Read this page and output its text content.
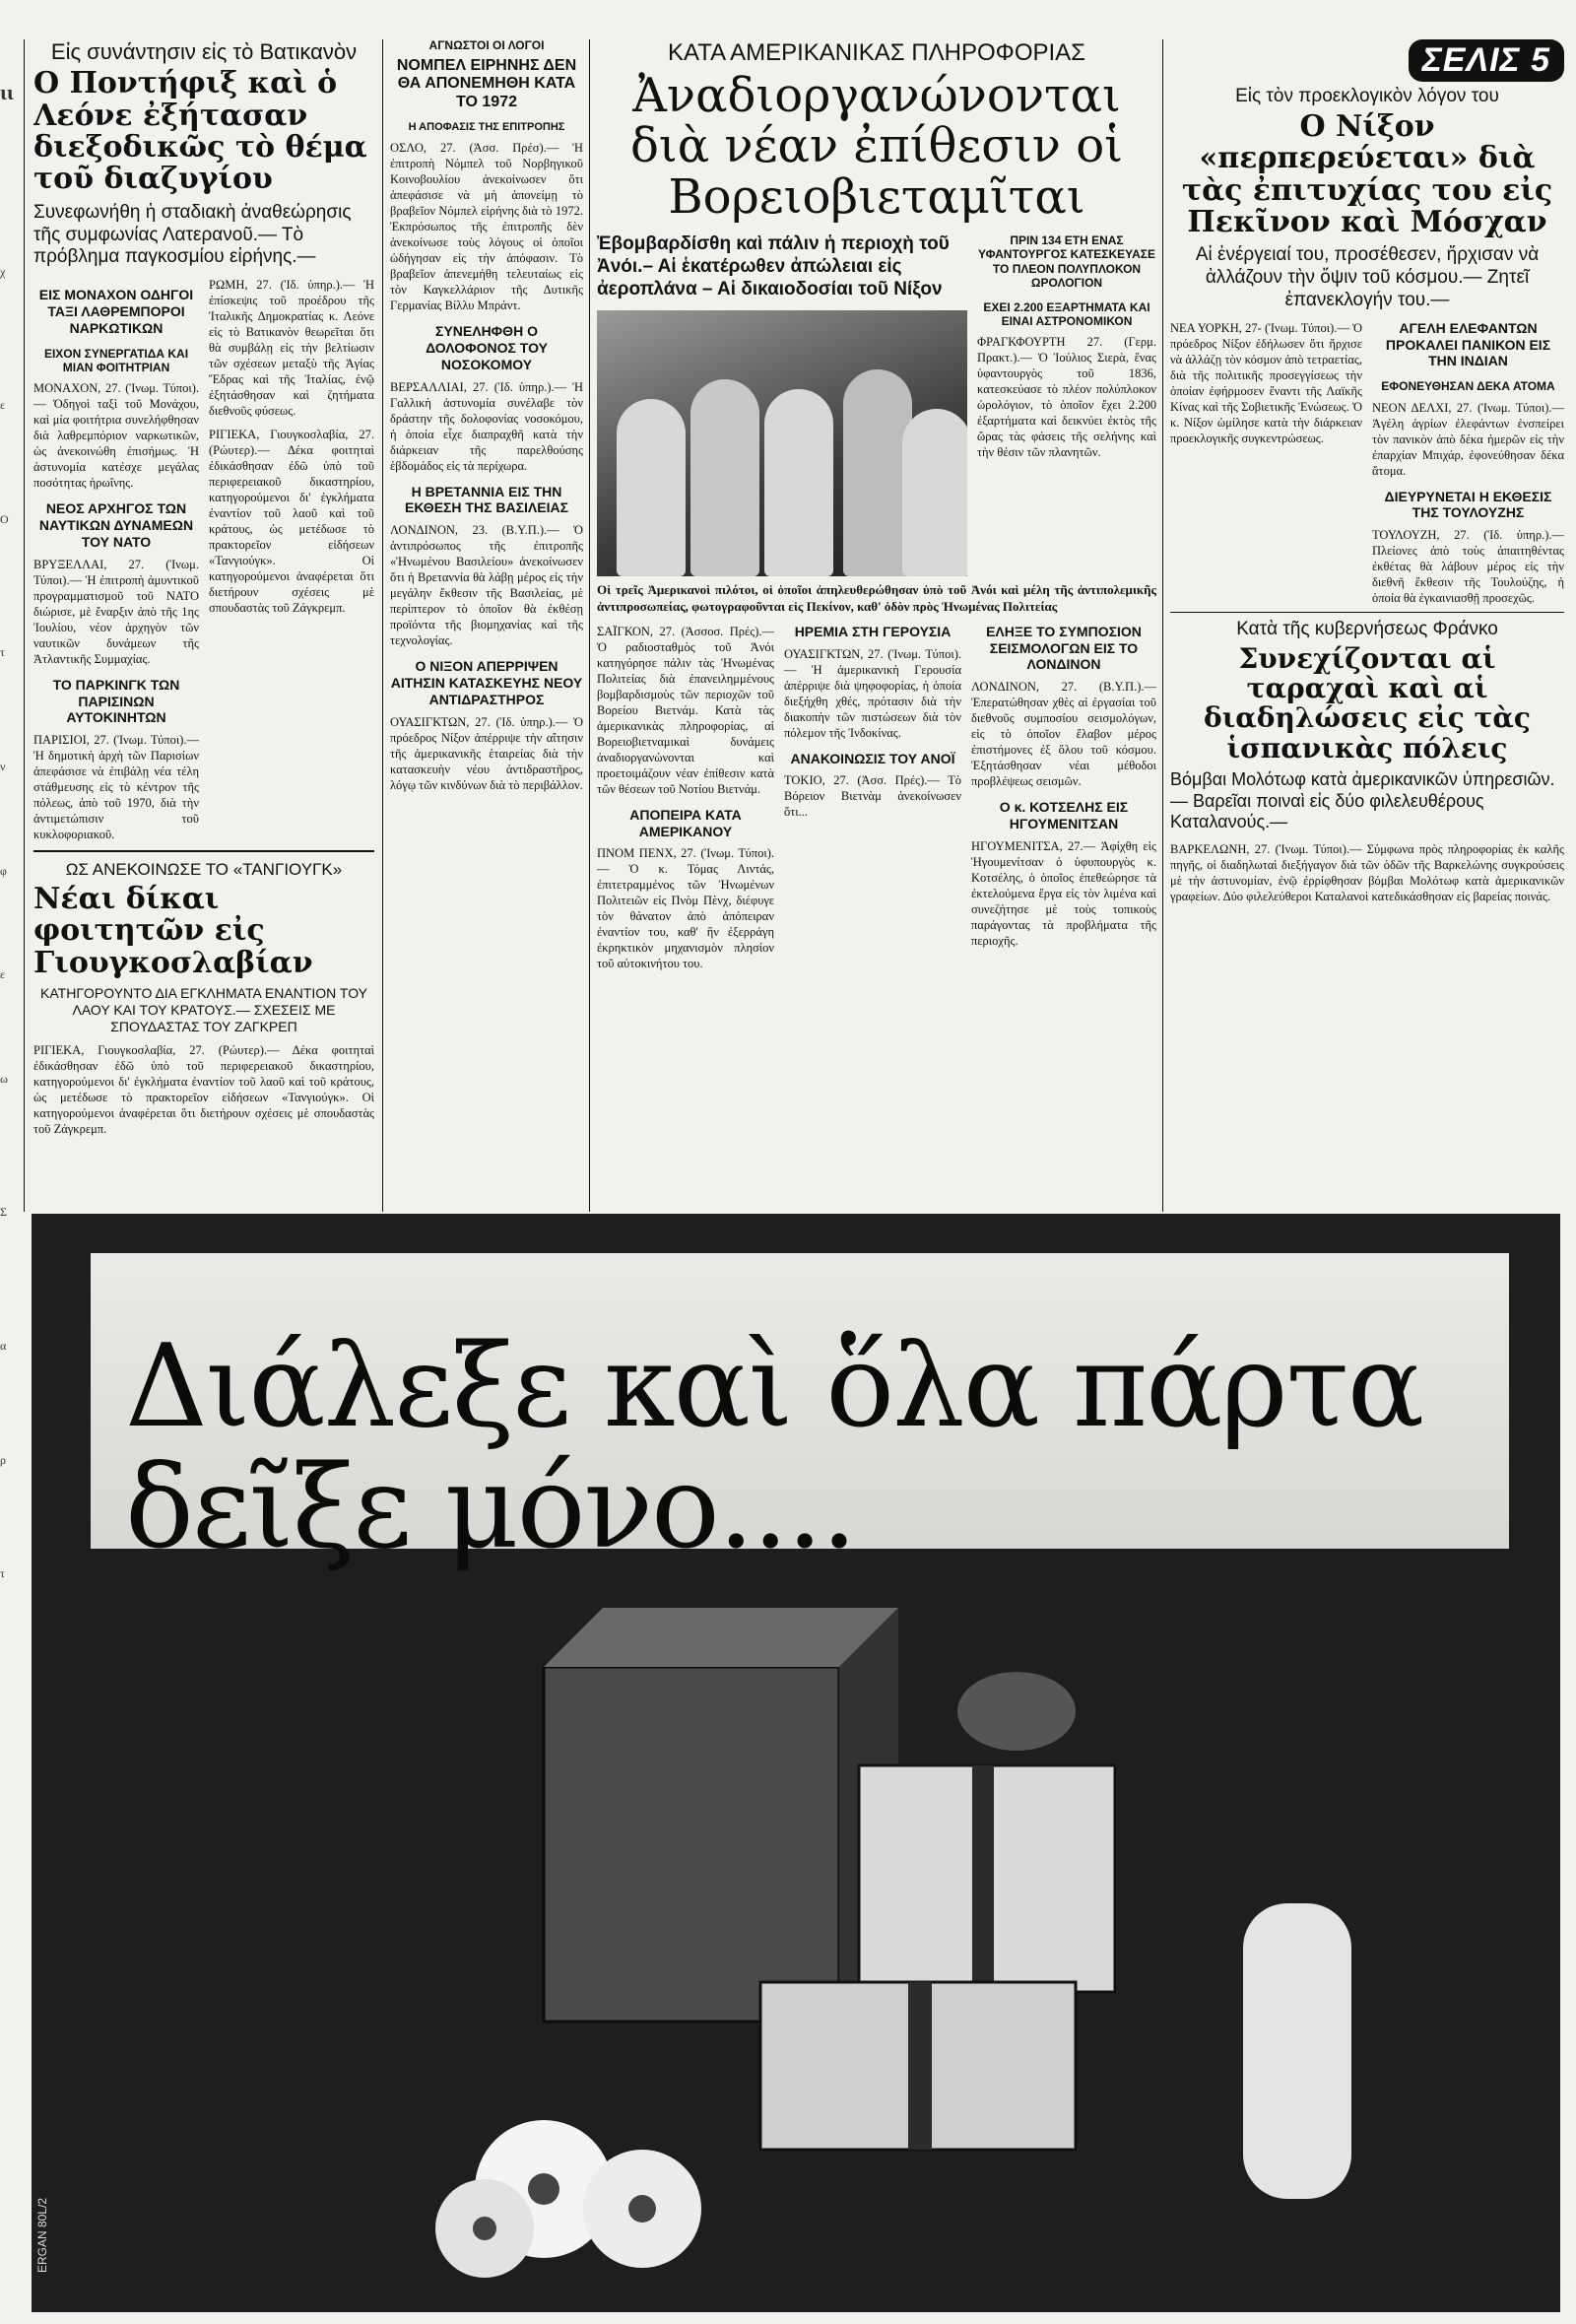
ιι
χ
ε
Ο
τ
ν
φ
ε
ω
Σ
α
ρ
τ
Εἰς συνάντησιν εἰς τὸ Βατικανὸν
Ο Ποντήφιξ καὶ ὁ Λεόνε ἐξήτασαν διεξοδικῶς τὸ θέμα τοῦ διαζυγίου
Συνεφωνήθη ἡ σταδιακὴ ἀναθεώρησις τῆς συμφωνίας Λατερανοῦ.— Τὸ πρόβλημα παγκοσμίου εἰρήνης.—
ΕΙΣ ΜΟΝΑΧΟΝ ΟΔΗΓΟΙ ΤΑΞΙ ΛΑΘΡΕΜΠΟΡΟΙ ΝΑΡΚΩΤΙΚΩΝ
ΕΙΧΟΝ ΣΥΝΕΡΓΑΤΙΔΑ ΚΑΙ ΜΙΑΝ ΦΟΙΤΗΤΡΙΑΝ

ΜΟΝΑΧΟΝ, 27. (Ἰνωμ. Τύποι).— Ὀδηγοὶ ταξὶ τοῦ Μονάχου, καὶ μία φοιτήτρια συνελήφθησαν διὰ λαθρεμπόριον ναρκωτικῶν, ὡς ἀνεκοινώθη ἐπισήμως. Ἡ ἀστυνομία κατέσχε μεγάλας ποσότητας ἡρωΐνης.

ΝΕΟΣ ΑΡΧΗΓΟΣ ΤΩΝ ΝΑΥΤΙΚΩΝ ΔΥΝΑΜΕΩΝ ΤΟΥ ΝΑΤΟ

ΒΡΥΞΕΛΛΑΙ, 27. (Ἰνωμ. Τύποι).— Ἡ ἐπιτροπὴ ἀμυντικοῦ προγραμματισμοῦ τοῦ ΝΑΤΟ διώρισε, μὲ ἔναρξιν ἀπὸ τῆς 1ης Ἰουλίου, νέον ἀρχηγὸν τῶν ναυτικῶν δυνάμεων τῆς Ἀτλαντικῆς Συμμαχίας.

ΤΟ ΠΑΡΚΙΝΓΚ ΤΩΝ ΠΑΡΙΣΙΝΩΝ ΑΥΤΟΚΙΝΗΤΩΝ

ΠΑΡΙΣΙΟΙ, 27. (Ἰνωμ. Τύποι).— Ἡ δημοτικὴ ἀρχὴ τῶν Παρισίων ἀπεφάσισε νὰ ἐπιβάλῃ νέα τέλη στάθμευσης εἰς τὸ κέντρον τῆς πόλεως, ἀπὸ τοῦ 1970, διὰ τὴν ἀντιμετώπισιν τοῦ κυκλοφοριακοῦ.

ΡΩΜΗ, 27. (Ἰδ. ὑπηρ.).— Ἡ ἐπίσκεψις τοῦ προέδρου τῆς Ἰταλικῆς Δημοκρατίας κ. Λεόνε εἰς τὸ Βατικανὸν θεωρεῖται ὅτι θὰ συμβάλῃ εἰς τὴν βελτίωσιν τῶν σχέσεων μεταξὺ τῆς Ἁγίας Ἕδρας καὶ τῆς Ἰταλίας, ἐνῷ ἐξητάσθησαν καὶ ζητήματα διεθνοῦς φύσεως.

ΡΙΓΙΕΚΑ, Γιουγκοσλαβία, 27. (Ρώυτερ).— Δέκα φοιτηταὶ ἐδικάσθησαν ἐδῶ ὑπὸ τοῦ περιφερειακοῦ δικαστηρίου, κατηγορούμενοι δι' ἐγκλήματα ἐναντίον τοῦ λαοῦ καὶ τοῦ κράτους, ὡς μετέδωσε τὸ πρακτορεῖον εἰδήσεων «Τανγιούγκ». Οἱ κατηγορούμενοι ἀναφέρεται ὅτι διετήρουν σχέσεις μὲ σπουδαστὰς τοῦ Ζάγκρεμπ.

ΩΣ ΑΝΕΚΟΙΝΩΣΕ ΤΟ «ΤΑΝΓΙΟΥΓΚ»
Νέαι δίκαι φοιτητῶν εἰς Γιουγκοσλαβίαν
ΚΑΤΗΓΟΡΟΥΝΤΟ ΔΙΑ ΕΓΚΛΗΜΑΤΑ ΕΝΑΝΤΙΟΝ ΤΟΥ ΛΑΟΥ ΚΑΙ ΤΟΥ ΚΡΑΤΟΥΣ.— ΣΧΕΣΕΙΣ ΜΕ ΣΠΟΥΔΑΣΤΑΣ ΤΟΥ ΖΑΓΚΡΕΠ

ΡΙΓΙΕΚΑ, Γιουγκοσλαβία, 27. (Ρώυτερ).— Δέκα φοιτηταὶ ἐδικάσθησαν ἐδῶ ὑπὸ τοῦ περιφερειακοῦ δικαστηρίου, κατηγορούμενοι δι' ἐγκλήματα ἐναντίον τοῦ λαοῦ καὶ τοῦ κράτους, ὡς μετέδωσε τὸ πρακτορεῖον εἰδήσεων «Τανγιούγκ». Οἱ κατηγορούμενοι ἀναφέρεται ὅτι διετήρουν σχέσεις μὲ σπουδαστὰς τοῦ Ζάγκρεμπ.

ΑΓΝΩΣΤΟΙ ΟΙ ΛΟΓΟΙ
ΝΟΜΠΕΛ ΕΙΡΗΝΗΣ ΔΕΝ ΘΑ ΑΠΟΝΕΜΗΘΗ ΚΑΤΑ ΤΟ 1972
Η ΑΠΟΦΑΣΙΣ ΤΗΣ ΕΠΙΤΡΟΠΗΣ

ΟΣΛΟ, 27. (Ἀσσ. Πρέσ).— Ἡ ἐπιτροπὴ Νόμπελ τοῦ Νορβηγικοῦ Κοινοβουλίου ἀνεκοίνωσεν ὅτι ἀπεφάσισε νὰ μὴ ἀπονείμῃ τὸ βραβεῖον Νόμπελ εἰρήνης διὰ τὸ 1972. Ἐκπρόσωπος τῆς ἐπιτροπῆς δὲν ἀνεκοίνωσε τοὺς λόγους οἱ ὁποῖοι ὡδήγησαν εἰς τὴν ἀπόφασιν. Τὸ βραβεῖον ἀπενεμήθη τελευταίως εἰς τὸν Καγκελλάριον τῆς Δυτικῆς Γερμανίας Βίλλυ Μπράντ.

ΣΥΝΕΛΗΦΘΗ Ο ΔΟΛΟΦΟΝΟΣ ΤΟΥ ΝΟΣΟΚΟΜΟΥ

ΒΕΡΣΑΛΛΙΑΙ, 27. (Ἰδ. ὑπηρ.).— Ἡ Γαλλικὴ ἀστυνομία συνέλαβε τὸν δράστην τῆς δολοφονίας νοσοκόμου, ἡ ὁποία εἶχε διαπραχθῆ κατὰ τὴν διάρκειαν τῆς παρελθούσης ἑβδομάδος εἰς τὰ περίχωρα.

Η ΒΡΕΤΑΝΝΙΑ ΕΙΣ ΤΗΝ ΕΚΘΕΣΗ ΤΗΣ ΒΑΣΙΛΕΙΑΣ

ΛΟΝΔΙΝΟΝ, 23. (Β.Υ.Π.).— Ὁ ἀντιπρόσωπος τῆς ἐπιτροπῆς «Ἡνωμένου Βασιλείου» ἀνεκοίνωσεν ὅτι ἡ Βρεταννία θὰ λάβῃ μέρος εἰς τὴν μεγάλην ἔκθεσιν τῆς Βασιλείας, μὲ περίπτερον τὸ ὁποῖον θὰ ἐκθέσῃ προϊόντα τῆς βιομηχανίας καὶ τῆς τεχνολογίας.

Ο ΝΙΞΟΝ ΑΠΕΡΡΙΨΕΝ ΑΙΤΗΣΙΝ ΚΑΤΑΣΚΕΥΗΣ ΝΕΟΥ ΑΝΤΙΔΡΑΣΤΗΡΟΣ

ΟΥΑΣΙΓΚΤΩΝ, 27. (Ἰδ. ὑπηρ.).— Ὁ πρόεδρος Νίξον ἀπέρριψε τὴν αἴτησιν τῆς ἀμερικανικῆς ἑταιρείας διὰ τὴν κατασκευὴν νέου ἀντιδραστῆρος, λόγῳ τῶν κινδύνων διὰ τὸ περιβάλλον.

ΚΑΤΑ ΑΜΕΡΙΚΑΝΙΚΑΣ ΠΛΗΡΟΦΟΡΙΑΣ
Ἀναδιοργανώνονται διὰ νέαν ἐπίθεσιν οἱ Βορειοβιεταμῖται
Ἐβομβαρδίσθη καὶ πάλιν ἡ περιοχὴ τοῦ Ἀνόι.– Αἱ ἑκατέρωθεν ἀπώλειαι εἰς ἀεροπλάνα – Αἱ δικαιοδοσίαι τοῦ Νίξον
ΠΡΙΝ 134 ΕΤΗ ΕΝΑΣ ΥΦΑΝΤΟΥΡΓΟΣ ΚΑΤΕΣΚΕΥΑΣΕ ΤΟ ΠΛΕΟΝ ΠΟΛΥΠΛΟΚΟΝ ΩΡΟΛΟΓΙΟΝ
ΕΧΕΙ 2.200 ΕΞΑΡΤΗΜΑΤΑ ΚΑΙ ΕΙΝΑΙ ΑΣΤΡΟΝΟΜΙΚΟΝ

ΦΡΑΓΚΦΟΥΡΤΗ 27. (Γερμ. Πρακτ.).— Ὁ Ἰούλιος Σιερὰ, ἕνας ὑφαντουργὸς τοῦ 1836, κατεσκεύασε τὸ πλέον πολύπλοκον ὡρολόγιον, τὸ ὁποῖον ἔχει 2.200 ἐξαρτήματα καὶ δεικνύει ἐκτὸς τῆς ὥρας τὰς φάσεις τῆς σελήνης καὶ τὴν θέσιν τῶν πλανητῶν.

Οἱ τρεῖς Ἀμερικανοὶ πιλότοι, οἱ ὁποῖοι ἀπηλευθερώθησαν ὑπὸ τοῦ Ἀνόι καὶ μέλη τῆς ἀντιπολεμικῆς ἀντιπροσωπείας, φωτογραφοῦνται εἰς Πεκίνον, καθ' ὁδὸν πρὸς Ἡνωμένας Πολιτείας

ΣΑΪΓΚΟΝ, 27. (Ἀσσοσ. Πρές).— Ὁ ραδιοσταθμὸς τοῦ Ἀνόι κατηγόρησε πάλιν τὰς Ἡνωμένας Πολιτείας διὰ ἐπανειλημμένους βομβαρδισμοὺς τῶν περιοχῶν τοῦ Βορείου Βιετνάμ. Κατὰ τὰς ἀμερικανικὰς πληροφορίας, αἱ Βορειοβιετναμικαὶ δυνάμεις ἀναδιοργανώνονται καὶ προετοιμάζουν νέαν ἐπίθεσιν κατὰ τῶν θέσεων τοῦ Νοτίου Βιετνάμ.

ΑΠΟΠΕΙΡΑ ΚΑΤΑ ΑΜΕΡΙΚΑΝΟΥ

ΠΝΟΜ ΠΕΝΧ, 27. (Ἰνωμ. Τύποι).— Ὁ κ. Τόμας Λιντάς, ἐπιτετραμμένος τῶν Ἡνωμένων Πολιτειῶν εἰς Πνὸμ Πὲνχ, διέφυγε τὸν θάνατον ἀπὸ ἀπόπειραν ἐναντίον του, καθ' ἣν ἐξερράγη ἐκρηκτικὸν μηχανισμὸν πλησίον τοῦ αὐτοκινήτου του.

ΗΡΕΜΙΑ ΣΤΗ ΓΕΡΟΥΣΙΑ

ΟΥΑΣΙΓΚΤΩΝ, 27. (Ἰνωμ. Τύποι).— Ἡ ἀμερικανικὴ Γερουσία ἀπέρριψε διὰ ψηφοφορίας, ἡ ὁποία διεξήχθη χθές, πρότασιν διὰ τὴν διακοπὴν τῶν πιστώσεων διὰ τὸν πόλεμον τῆς Ἰνδοκίνας.

ΑΝΑΚΟΙΝΩΣΙΣ ΤΟΥ ΑΝΟΪ

ΤΟΚΙΟ, 27. (Ἀσσ. Πρές).— Τὸ Βόρειον Βιετνὰμ ἀνεκοίνωσεν ὅτι...

ΕΛΗΞΕ ΤΟ ΣΥΜΠΟΣΙΟΝ ΣΕΙΣΜΟΛΟΓΩΝ ΕΙΣ ΤΟ ΛΟΝΔΙΝΟΝ

ΛΟΝΔΙΝΟΝ, 27. (Β.Υ.Π.).— Ἐπερατώθησαν χθὲς αἱ ἐργασίαι τοῦ διεθνοῦς συμποσίου σεισμολόγων, εἰς τὸ ὁποῖον ἔλαβον μέρος ἐπιστήμονες ἐξ ὅλου τοῦ κόσμου. Ἐξητάσθησαν νέαι μέθοδοι προβλέψεως σεισμῶν.

Ο κ. ΚΟΤΣΕΛΗΣ ΕΙΣ ΗΓΟΥΜΕΝΙΤΣΑΝ

ΗΓΟΥΜΕΝΙΤΣΑ, 27.— Ἀφίχθη εἰς Ἡγουμενίτσαν ὁ ὑφυπουργὸς κ. Κοτσέλης, ὁ ὁποῖος ἐπεθεώρησε τὰ ἐκτελούμενα ἔργα εἰς τὸν λιμένα καὶ συνεζήτησε μὲ τοὺς τοπικοὺς παράγοντας τὰ προβλήματα τῆς περιοχῆς.

ΣΕΛΙΣ 5
Εἰς τὸν προεκλογικὸν λόγον του
Ο Νίξον «περπερεύεται» διὰ τὰς ἐπιτυχίας του εἰς Πεκῖνον καὶ Μόσχαν
Αἱ ἐνέργειαί του, προσέθεσεν, ἤρχισαν νὰ ἀλλάζουν τὴν ὄψιν τοῦ κόσμου.— Ζητεῖ ἐπανεκλογήν του.—

ΝΕΑ ΥΟΡΚΗ, 27- (Ἰνωμ. Τύποι).— Ὁ πρόεδρος Νίξον ἐδήλωσεν ὅτι ἤρχισε νὰ ἀλλάζῃ τὸν κόσμον ἀπὸ τετραετίας, διὰ τῆς πολιτικῆς προσεγγίσεως τὴν ὁποίαν ἐφήρμοσεν ἔναντι τῆς Λαϊκῆς Κίνας καὶ τῆς Σοβιετικῆς Ἑνώσεως. Ὁ κ. Νίξον ὡμίλησε κατὰ τὴν διάρκειαν προεκλογικῆς συγκεντρώσεως.

ΑΓΕΛΗ ΕΛΕΦΑΝΤΩΝ ΠΡΟΚΑΛΕΙ ΠΑΝΙΚΟΝ ΕΙΣ ΤΗΝ ΙΝΔΙΑΝ
ΕΦΟΝΕΥΘΗΣΑΝ ΔΕΚΑ ΑΤΟΜΑ

ΝΕΟΝ ΔΕΛΧΙ, 27. (Ἰνωμ. Τύποι).— Ἀγέλη ἀγρίων ἐλεφάντων ἐνσπείρει τὸν πανικὸν ἀπὸ δέκα ἡμερῶν εἰς τὴν ἐπαρχίαν Μπιχάρ, ἐφονεύθησαν δέκα ἄτομα.

ΔΙΕΥΡΥΝΕΤΑΙ Η ΕΚΘΕΣΙΣ ΤΗΣ ΤΟΥΛΟΥΖΗΣ

ΤΟΥΛΟΥΖΗ, 27. (Ἰδ. ὑπηρ.).— Πλείονες ἀπὸ τοὺς ἀπαιτηθέντας ἐκθέτας θὰ λάβουν μέρος εἰς τὴν διεθνῆ ἔκθεσιν τῆς Τουλούζης, ἡ ὁποία θὰ ἐγκαινιασθῇ προσεχῶς.

Κατὰ τῆς κυβερνήσεως Φράνκο
Συνεχίζονται αἱ ταραχαὶ καὶ αἱ διαδηλώσεις εἰς τὰς ἱσπανικὰς πόλεις
Βόμβαι Μολότωφ κατὰ ἀμερικανικῶν ὑπηρεσιῶν.— Βαρεῖαι ποιναὶ εἰς δύο φιλελευθέρους Καταλανούς.—

ΒΑΡΚΕΛΩΝΗ, 27. (Ἰνωμ. Τύποι).— Σύμφωνα πρὸς πληροφορίας ἐκ καλῆς πηγῆς, οἱ διαδηλωταὶ διεξήγαγον διὰ τῶν ὁδῶν τῆς Βαρκελώνης συγκρούσεις μὲ τὴν ἀστυνομίαν, ἐνῷ ἐρρίφθησαν βόμβαι Μολότωφ κατὰ ἀμερικανικῶν γραφείων. Δύο φιλελεύθεροι Καταλανοὶ κατεδικάσθησαν εἰς βαρείας ποινάς.

Διάλεξε καὶ ὅλα πάρτα
δεῖξε μόνο....
ERGAN 80L/2
